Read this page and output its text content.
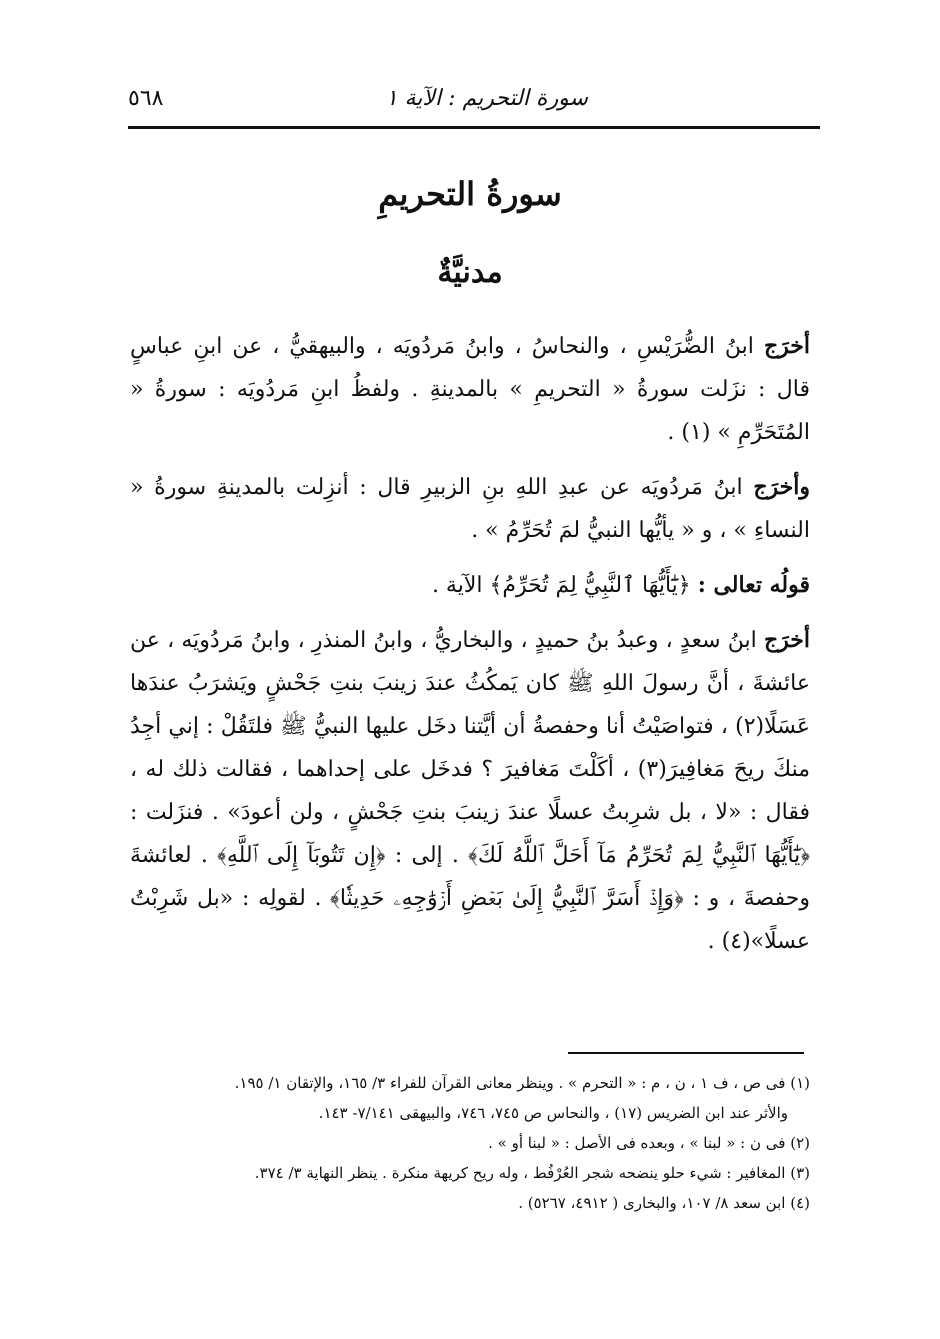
سورة التحريم : الآية ١
٥٦٨
سورةُ التحريمِ
مدنيَّةٌ

أخرَج ابنُ الضُّرَيْسِ ، والنحاسُ ، وابنُ مَردُويَه ، والبيهقيُّ ، عن ابنِ عباسٍ قال : نزَلت سورةُ « التحريمِ » بالمدينةِ . ولفظُ ابنِ مَردُويَه : سورةُ « المُتَحَرِّمِ » (١) .

وأخرَج ابنُ مَردُويَه عن عبدِ اللهِ بنِ الزبيرِ قال : أنزِلت بالمدينةِ سورةُ « النساءِ » ، و « يأيُّها النبيُّ لمَ تُحَرِّمُ » .

قولُه تعالى : ﴿يَٰٓأَيُّهَا ٱلنَّبِيُّ لِمَ تُحَرِّمُ﴾ الآية .

أخرَج ابنُ سعدٍ ، وعبدُ بنُ حميدٍ ، والبخاريُّ ، وابنُ المنذرِ ، وابنُ مَردُويَه ، عن عائشةَ ، أنَّ رسولَ اللهِ ﷺ كان يَمكُثُ عندَ زينبَ بنتِ جَحْشٍ ويَشرَبُ عندَها عَسَلًا(٢) ، فتواصَيْتُ أنا وحفصةُ أن أيَّتنا دخَل عليها النبيُّ ﷺ فلتَقُلْ : إني أجِدُ منكَ ريحَ مَغافِيرَ(٣) ، أكَلْتَ مَغافيرَ ؟ فدخَل على إحداهما ، فقالت ذلك له ، فقال : «لا ، بل شرِبتُ عسلًا عندَ زينبَ بنتِ جَحْشٍ ، ولن أعودَ» . فنزَلت : ﴿يَٰٓأَيُّهَا ٱلنَّبِيُّ لِمَ تُحَرِّمُ مَآ أَحَلَّ ٱللَّهُ لَكَ﴾ . إلى : ﴿إِن تَتُوبَآ إِلَى ٱللَّهِ﴾ . لعائشةَ وحفصةَ ، و : ﴿وَإِذۡ أَسَرَّ ٱلنَّبِيُّ إِلَىٰ بَعۡضِ أَزۡوَٰجِهِۦ حَدِيثٗا﴾ . لقولِه : «بل شَرِبْتُ عسلًا»(٤) .

(١) فى ص ، ف ١ ، ن ، م : « التحرم » . وينظر معانى القرآن للفراء ٣/ ١٦٥، والإتقان ١/ ١٩٥.
والأثر عند ابن الضريس (١٧) ، والنحاس ص ٧٤٥، ٧٤٦، والبيهقى ٧/١٤١- ١٤٣.
(٢) فى ن : « لبنا » ، وبعده فى الأصل : « لبنا أو » .
(٣) المغافير : شيء حلو ينضحه شجر العُرْفُط ، وله ريح كريهة منكرة . ينظر النهاية ٣/ ٣٧٤.
(٤) ابن سعد ٨/ ١٠٧، والبخارى ( ٤٩١٢، ٥٢٦٧) .
